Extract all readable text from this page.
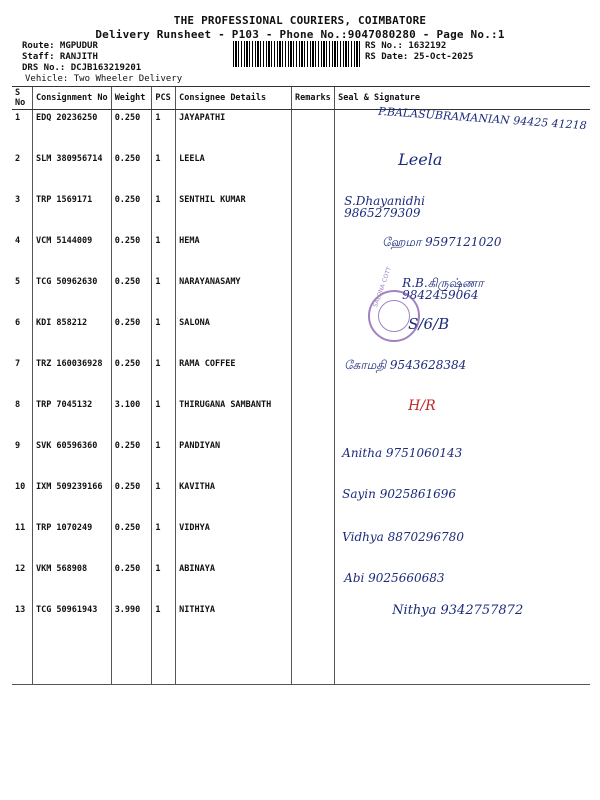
THE PROFESSIONAL COURIERS, COIMBATORE
Delivery Runsheet - P103 - Phone No.:9047080280 - Page No.:1
Route: MGPUDUR
Staff: RANJITH
DRS No.: DCJB163219201
Vehicle: Two Wheeler Delivery
RS No.: 1632192
RS Date: 25-Oct-2025
S No	Consignment No	Weight	PCS	Consignee Details	Remarks	Seal & Signature
1	EDQ 20236250	0.250	1	JAYAPATHI		P.BALASUBRAMANIAN 94425 41218

2	SLM 380956714	0.250	1	LEELA		Leela

3	TRP 1569171	0.250	1	SENTHIL KUMAR		S.Dhayanidhi 9865279309

4	VCM 5144009	0.250	1	HEMA		ஹேமா 9597121020

5	TCG 50962630	0.250	1	NARAYANASAMY		R.B.கிருஷ்ணா 9842459064

6	KDI 858212	0.250	1	SALONA		S/6/B

7	TRZ 160036928	0.250	1	RAMA COFFEE		கோமதி 9543628384

8	TRP 7045132	3.100	1	THIRUGANA SAMBANTH		H/R

9	SVK 60596360	0.250	1	PANDIYAN		Anitha 9751060143

10	IXM 509239166	0.250	1	KAVITHA		Sayin 9025861696

11	TRP 1070249	0.250	1	VIDHYA		Vidhya 8870296780

12	VKM 568908	0.250	1	ABINAYA		Abi 9025660683

13	TCG 50961943	3.990	1	NITHIYA		Nithya 9342757872

SALONA COTT
